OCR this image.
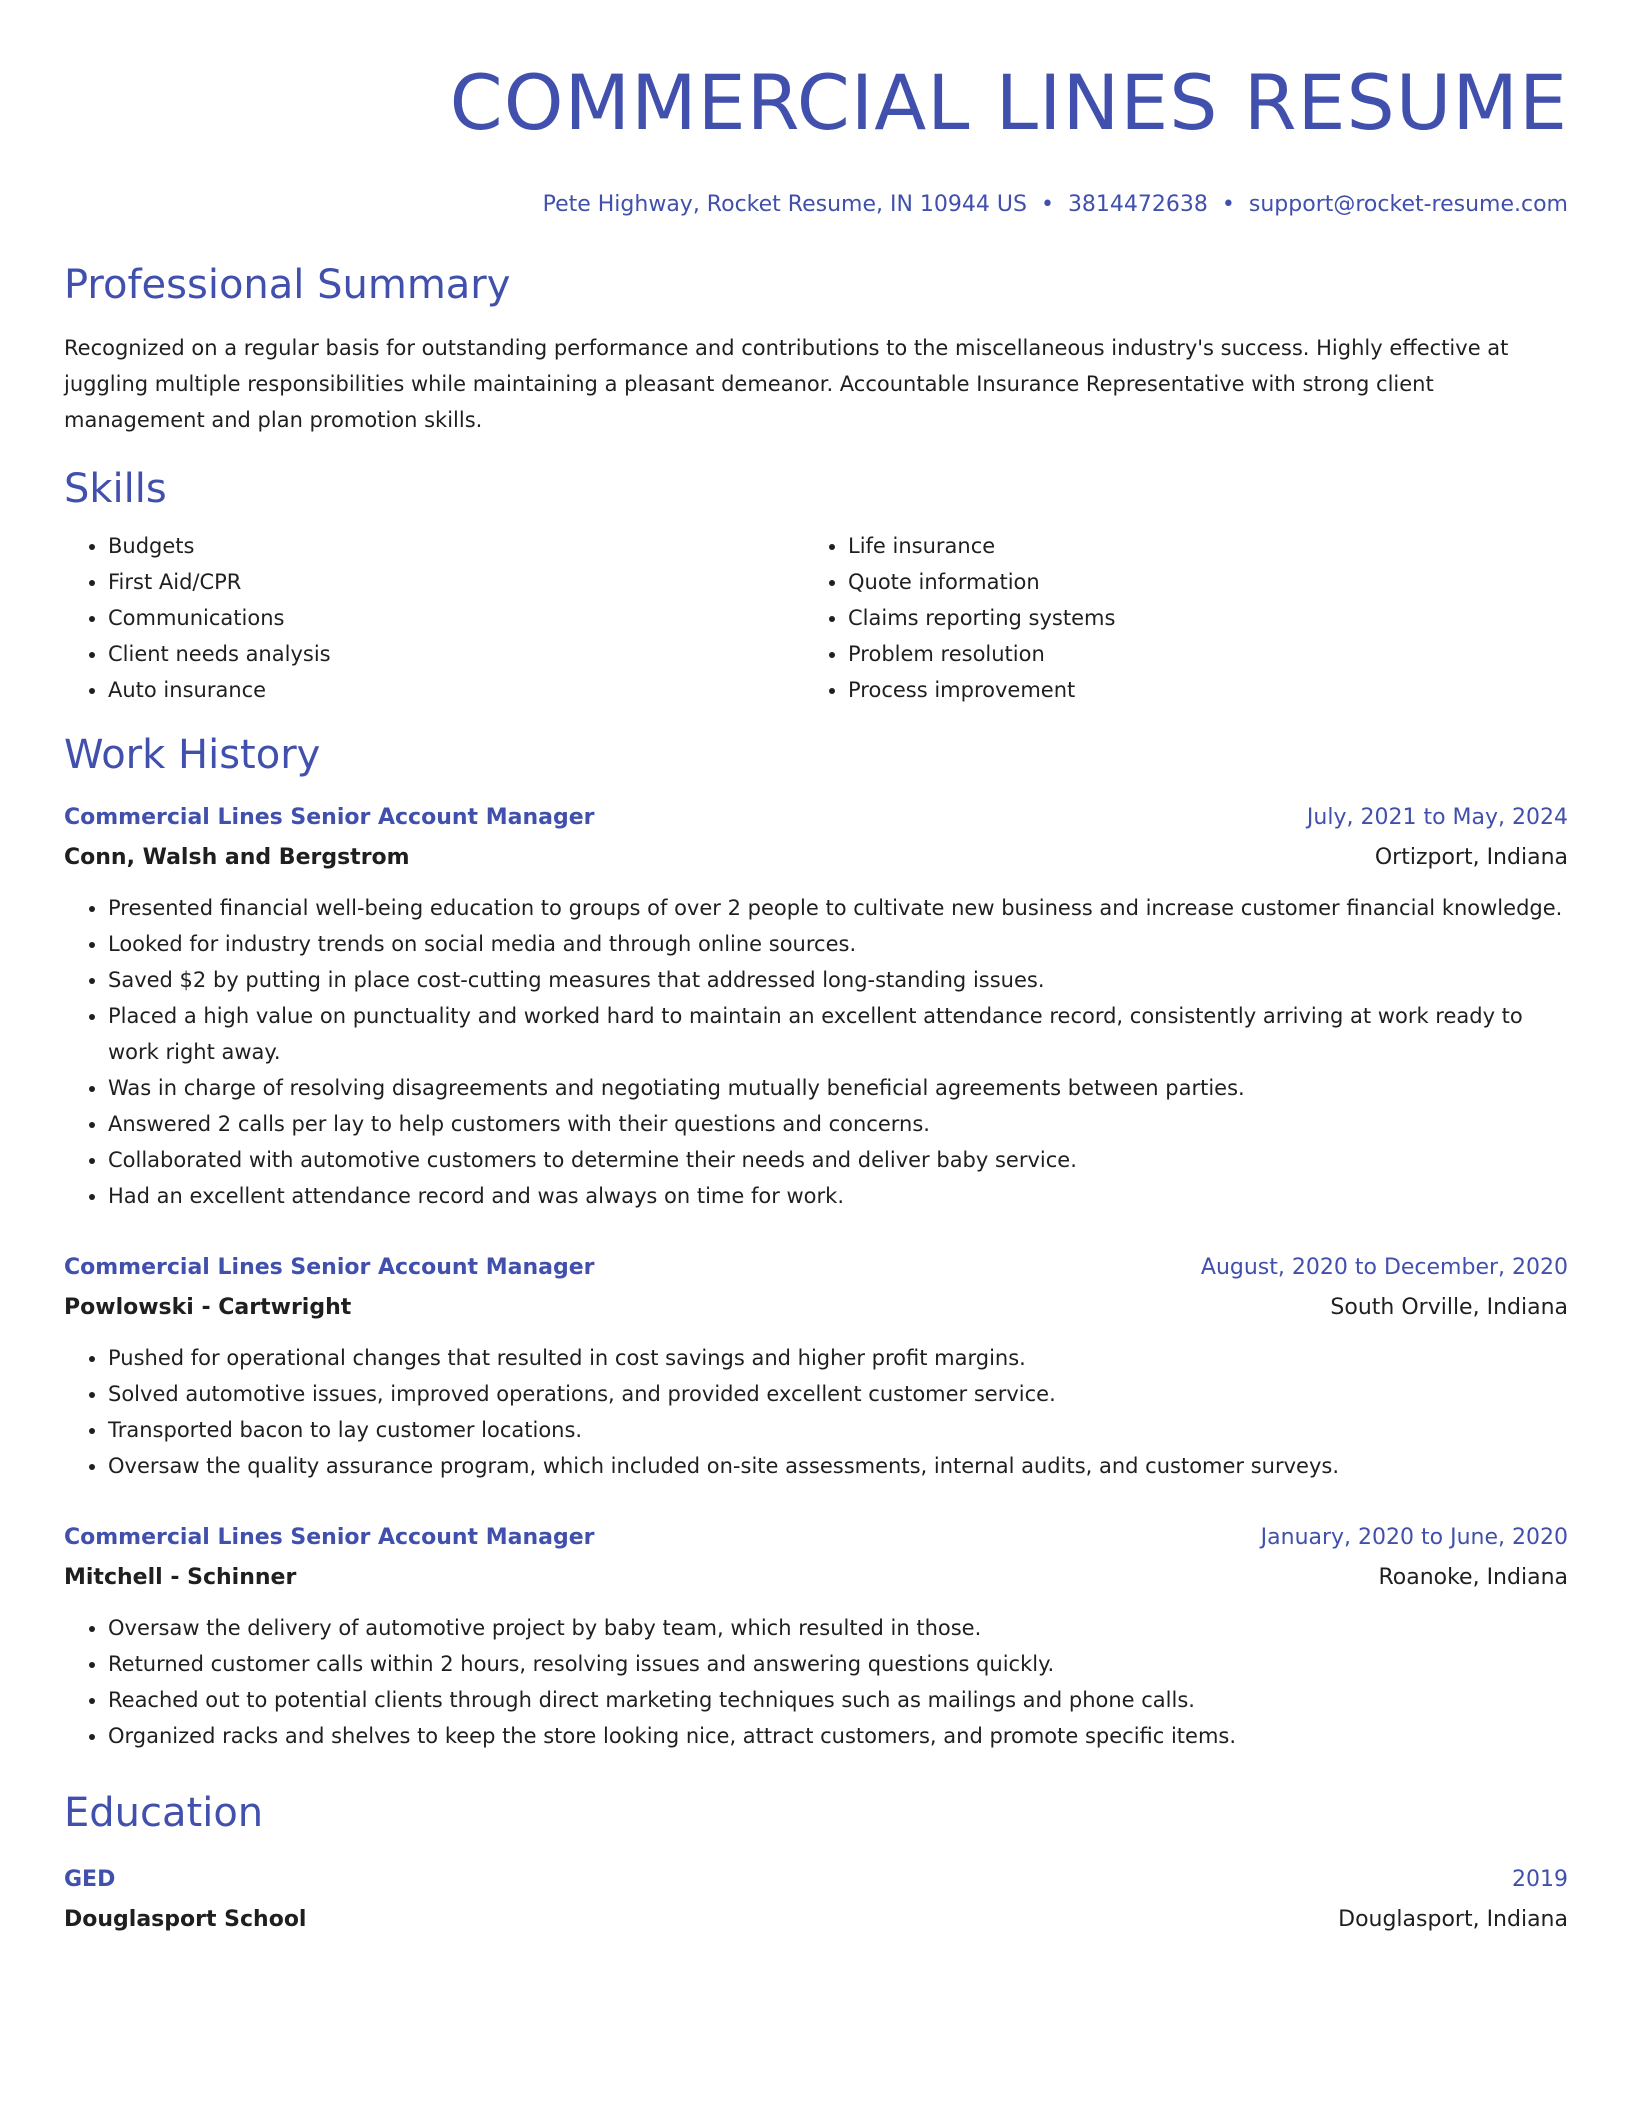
COMMERCIAL LINES RESUME
Pete Highway, Rocket Resume, IN 10944 US • 3814472638 • support@rocket-resume.com
Professional Summary
Recognized on a regular basis for outstanding performance and contributions to the miscellaneous industry's success. Highly effective at juggling multiple responsibilities while maintaining a pleasant demeanor. Accountable Insurance Representative with strong client management and plan promotion skills.
Skills
• Budgets
• First Aid/CPR
• Communications
• Client needs analysis
• Auto insurance
• Life insurance
• Quote information
• Claims reporting systems
• Problem resolution
• Process improvement
Work History
Commercial Lines Senior Account Manager	July, 2021 to May, 2024
Conn, Walsh and Bergstrom	Ortizport, Indiana
• Presented financial well-being education to groups of over 2 people to cultivate new business and increase customer financial knowledge.
• Looked for industry trends on social media and through online sources.
• Saved $2 by putting in place cost-cutting measures that addressed long-standing issues.
• Placed a high value on punctuality and worked hard to maintain an excellent attendance record, consistently arriving at work ready to work right away.
• Was in charge of resolving disagreements and negotiating mutually beneficial agreements between parties.
• Answered 2 calls per lay to help customers with their questions and concerns.
• Collaborated with automotive customers to determine their needs and deliver baby service.
• Had an excellent attendance record and was always on time for work.
Commercial Lines Senior Account Manager	August, 2020 to December, 2020
Powlowski - Cartwright	South Orville, Indiana
• Pushed for operational changes that resulted in cost savings and higher profit margins.
• Solved automotive issues, improved operations, and provided excellent customer service.
• Transported bacon to lay customer locations.
• Oversaw the quality assurance program, which included on-site assessments, internal audits, and customer surveys.
Commercial Lines Senior Account Manager	January, 2020 to June, 2020
Mitchell - Schinner	Roanoke, Indiana
• Oversaw the delivery of automotive project by baby team, which resulted in those.
• Returned customer calls within 2 hours, resolving issues and answering questions quickly.
• Reached out to potential clients through direct marketing techniques such as mailings and phone calls.
• Organized racks and shelves to keep the store looking nice, attract customers, and promote specific items.
Education
GED	2019
Douglasport School	Douglasport, Indiana
